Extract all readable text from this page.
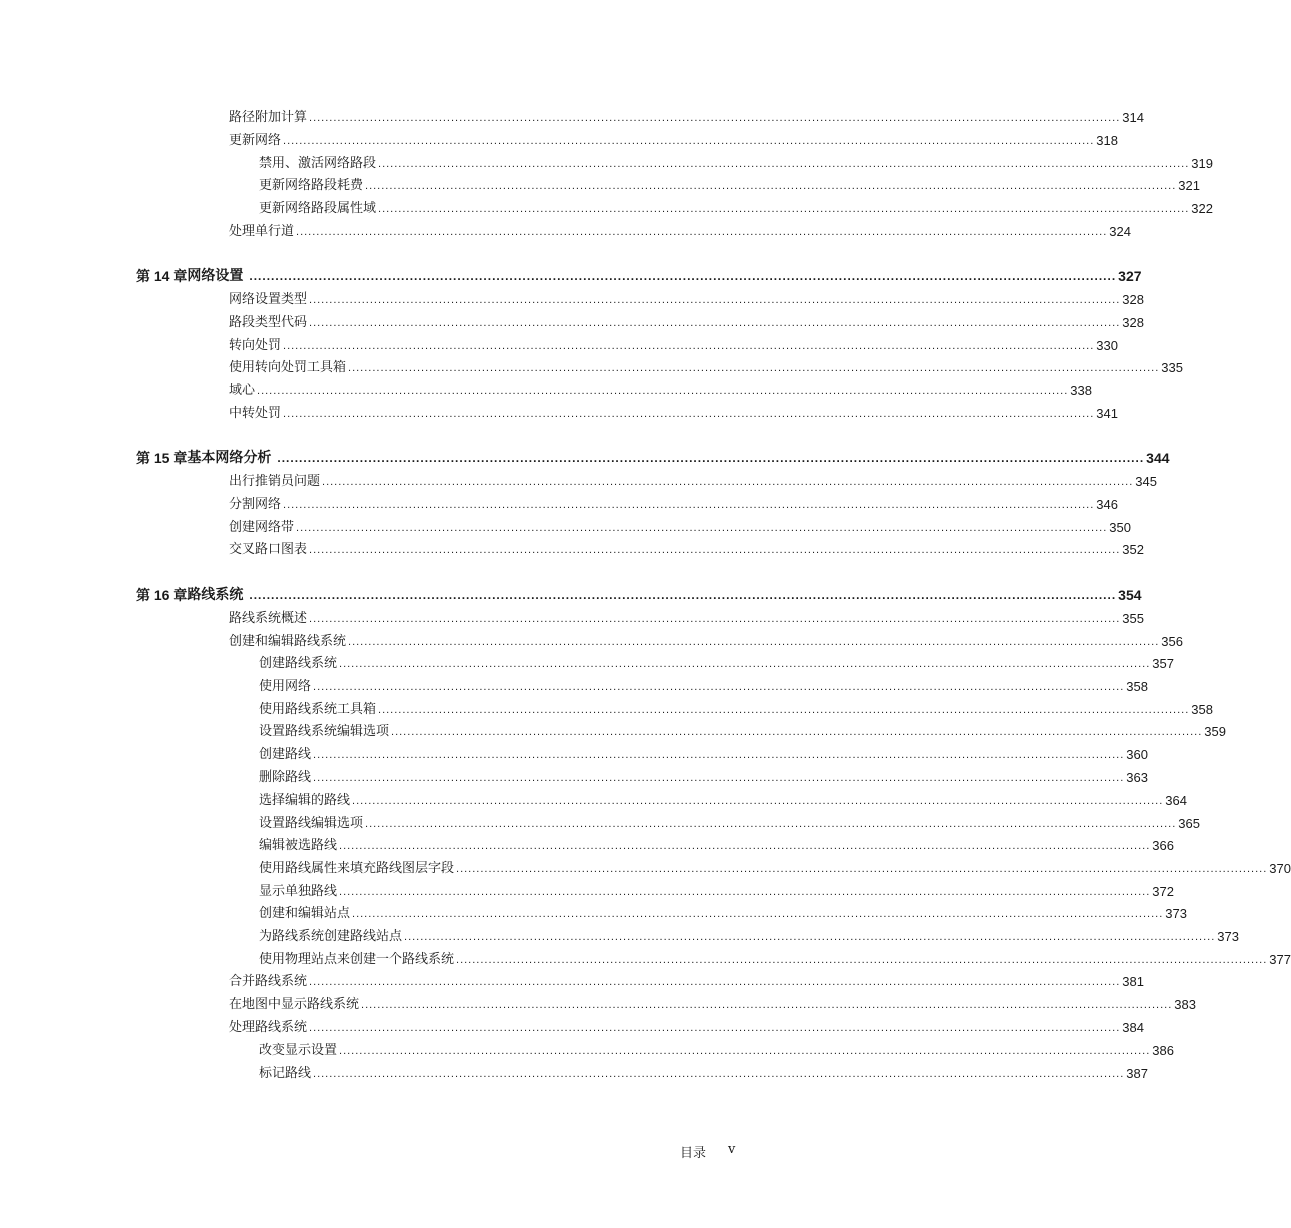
路径附加计算 ........................................................................................................................................................................................................ 314
更新网络 ........................................................................................................................................................................................................ 318
禁用、激活网络路段 ........................................................................................................................................................................................................ 319
更新网络路段耗费 ........................................................................................................................................................................................................ 321
更新网络路段属性域 ........................................................................................................................................................................................................ 322
处理单行道 ........................................................................................................................................................................................................ 324
第 14 章 网络设置 ........................................................................................................................................................................................................ 327
网络设置类型 ........................................................................................................................................................................................................ 328
路段类型代码 ........................................................................................................................................................................................................ 328
转向处罚 ........................................................................................................................................................................................................ 330
使用转向处罚工具箱 ........................................................................................................................................................................................................ 335
域心 ........................................................................................................................................................................................................ 338
中转处罚 ........................................................................................................................................................................................................ 341
第 15 章 基本网络分析 ........................................................................................................................................................................................................ 344
出行推销员问题 ........................................................................................................................................................................................................ 345
分割网络 ........................................................................................................................................................................................................ 346
创建网络带 ........................................................................................................................................................................................................ 350
交叉路口图表 ........................................................................................................................................................................................................ 352
第 16 章 路线系统 ........................................................................................................................................................................................................ 354
路线系统概述 ........................................................................................................................................................................................................ 355
创建和编辑路线系统 ........................................................................................................................................................................................................ 356
创建路线系统 ........................................................................................................................................................................................................ 357
使用网络 ........................................................................................................................................................................................................ 358
使用路线系统工具箱 ........................................................................................................................................................................................................ 358
设置路线系统编辑选项 ........................................................................................................................................................................................................ 359
创建路线 ........................................................................................................................................................................................................ 360
删除路线 ........................................................................................................................................................................................................ 363
选择编辑的路线 ........................................................................................................................................................................................................ 364
设置路线编辑选项 ........................................................................................................................................................................................................ 365
编辑被选路线 ........................................................................................................................................................................................................ 366
使用路线属性来填充路线图层字段 ........................................................................................................................................................................................................ 370
显示单独路线 ........................................................................................................................................................................................................ 372
创建和编辑站点 ........................................................................................................................................................................................................ 373
为路线系统创建路线站点 ........................................................................................................................................................................................................ 373
使用物理站点来创建一个路线系统 ........................................................................................................................................................................................................ 377
合并路线系统 ........................................................................................................................................................................................................ 381
在地图中显示路线系统 ........................................................................................................................................................................................................ 383
处理路线系统 ........................................................................................................................................................................................................ 384
改变显示设置 ........................................................................................................................................................................................................ 386
标记路线 ........................................................................................................................................................................................................ 387
目录 v
